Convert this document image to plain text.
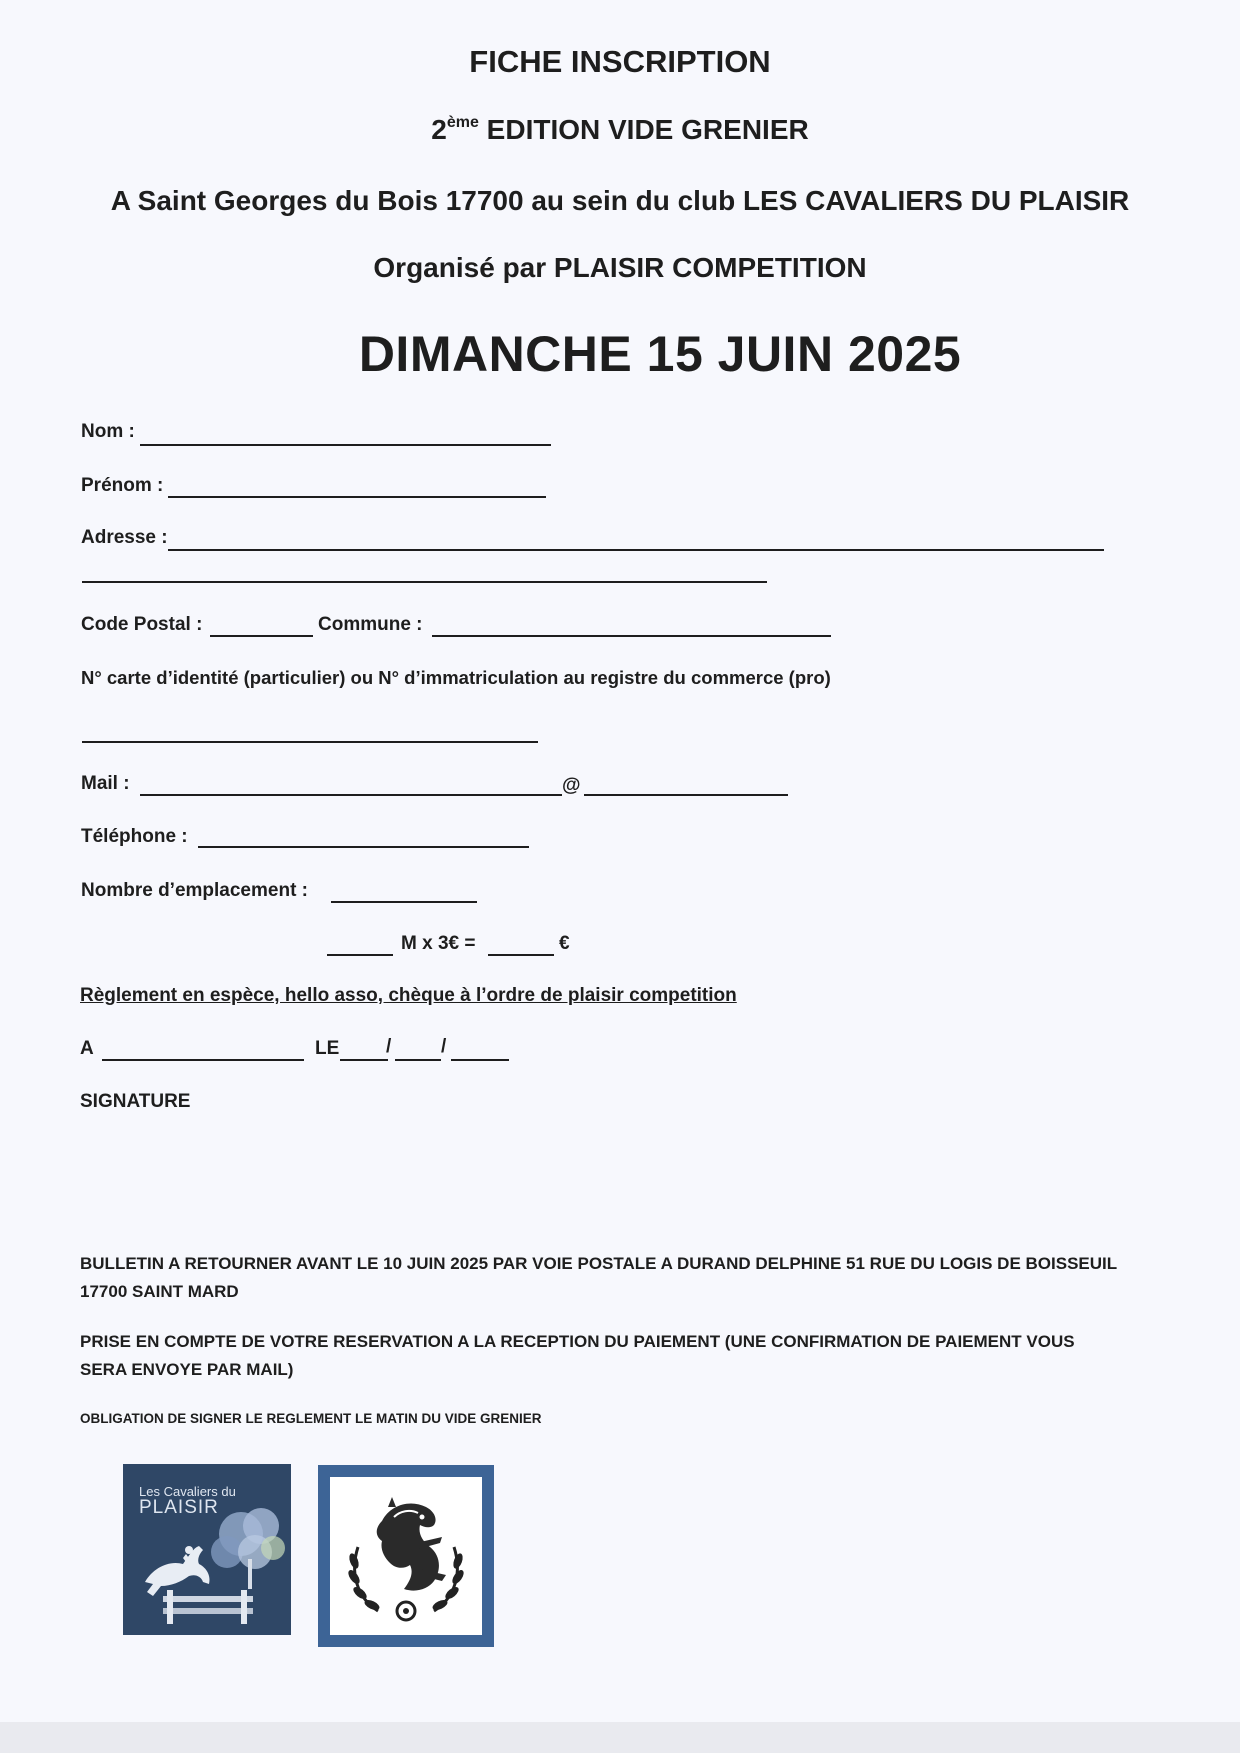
FICHE INSCRIPTION
2ème EDITION VIDE GRENIER
A Saint Georges du Bois 17700 au sein du club LES CAVALIERS DU PLAISIR
Organisé par PLAISIR COMPETITION
DIMANCHE 15 JUIN 2025
Nom :
Prénom :
Adresse :
Code Postal :	Commune :
N° carte d’identité (particulier) ou N° d’immatriculation au registre du commerce (pro)
Mail :	@
Téléphone :
Nombre d’emplacement :
M x 3€ =	€
Règlement en espèce, hello asso, chèque à l’ordre de plaisir competition
A	LE /	/
SIGNATURE
BULLETIN A RETOURNER AVANT LE 10 JUIN 2025 PAR VOIE POSTALE A DURAND DELPHINE 51 RUE DU LOGIS DE BOISSEUIL 17700 SAINT MARD
PRISE EN COMPTE DE VOTRE RESERVATION A LA RECEPTION DU PAIEMENT (UNE CONFIRMATION DE PAIEMENT VOUS SERA ENVOYE PAR MAIL)
OBLIGATION DE SIGNER LE REGLEMENT LE MATIN DU VIDE GRENIER
Les Cavaliers du
PLAISIR
